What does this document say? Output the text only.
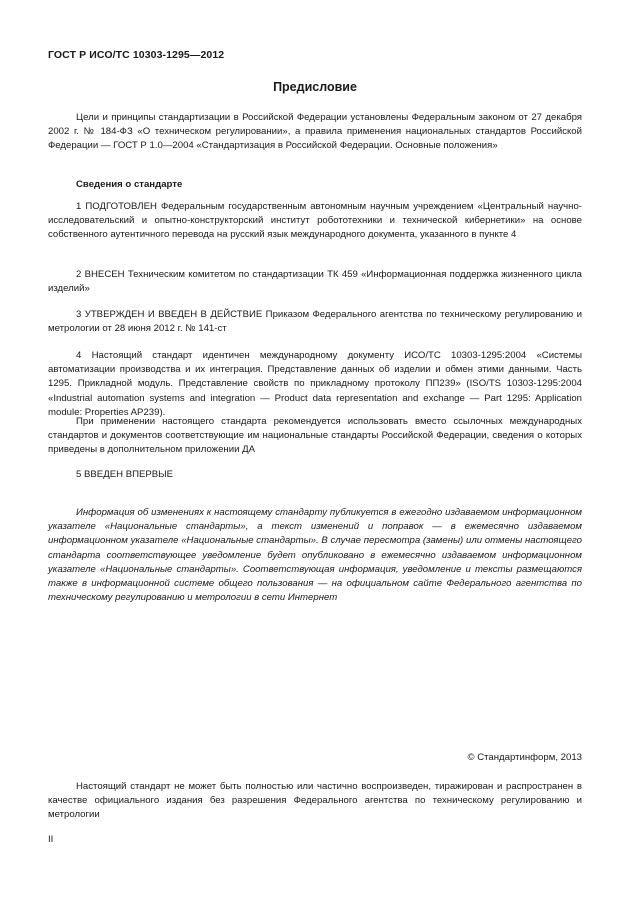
ГОСТ Р ИСО/ТС 10303-1295—2012
Предисловие
Цели и принципы стандартизации в Российской Федерации установлены Федеральным законом от 27 декабря 2002 г. № 184-ФЗ «О техническом регулировании», а правила применения национальных стандартов Российской Федерации — ГОСТ Р 1.0—2004 «Стандартизация в Российской Федерации. Основные положения»
Сведения о стандарте
1 ПОДГОТОВЛЕН Федеральным государственным автономным научным учреждением «Центральный научно-исследовательский и опытно-конструкторский институт робототехники и технической кибернетики» на основе собственного аутентичного перевода на русский язык международного документа, указанного в пункте 4
2 ВНЕСЕН Техническим комитетом по стандартизации ТК 459 «Информационная поддержка жизненного цикла изделий»
3 УТВЕРЖДЕН И ВВЕДЕН В ДЕЙСТВИЕ Приказом Федерального агентства по техническому регулированию и метрологии от 28 июня 2012 г. № 141-ст
4 Настоящий стандарт идентичен международному документу ИСО/ТС 10303-1295:2004 «Системы автоматизации производства и их интеграция. Представление данных об изделии и обмен этими данными. Часть 1295. Прикладной модуль. Представление свойств по прикладному протоколу ПП239» (ISO/TS 10303-1295:2004 «Industrial automation systems and integration — Product data representation and exchange — Part 1295: Application module: Properties AP239).
При применении настоящего стандарта рекомендуется использовать вместо ссылочных международных стандартов и документов соответствующие им национальные стандарты Российской Федерации, сведения о которых приведены в дополнительном приложении ДА
5 ВВЕДЕН ВПЕРВЫЕ
Информация об изменениях к настоящему стандарту публикуется в ежегодно издаваемом информационном указателе «Национальные стандарты», а текст изменений и поправок — в ежемесячно издаваемом информационном указателе «Национальные стандарты». В случае пересмотра (замены) или отмены настоящего стандарта соответствующее уведомление будет опубликовано в ежемесячно издаваемом информационном указателе «Национальные стандарты». Соответствующая информация, уведомление и тексты размещаются также в информационной системе общего пользования — на официальном сайте Федерального агентства по техническому регулированию и метрологии в сети Интернет
© Стандартинформ, 2013
Настоящий стандарт не может быть полностью или частично воспроизведен, тиражирован и распространен в качестве официального издания без разрешения Федерального агентства по техническому регулированию и метрологии
II
